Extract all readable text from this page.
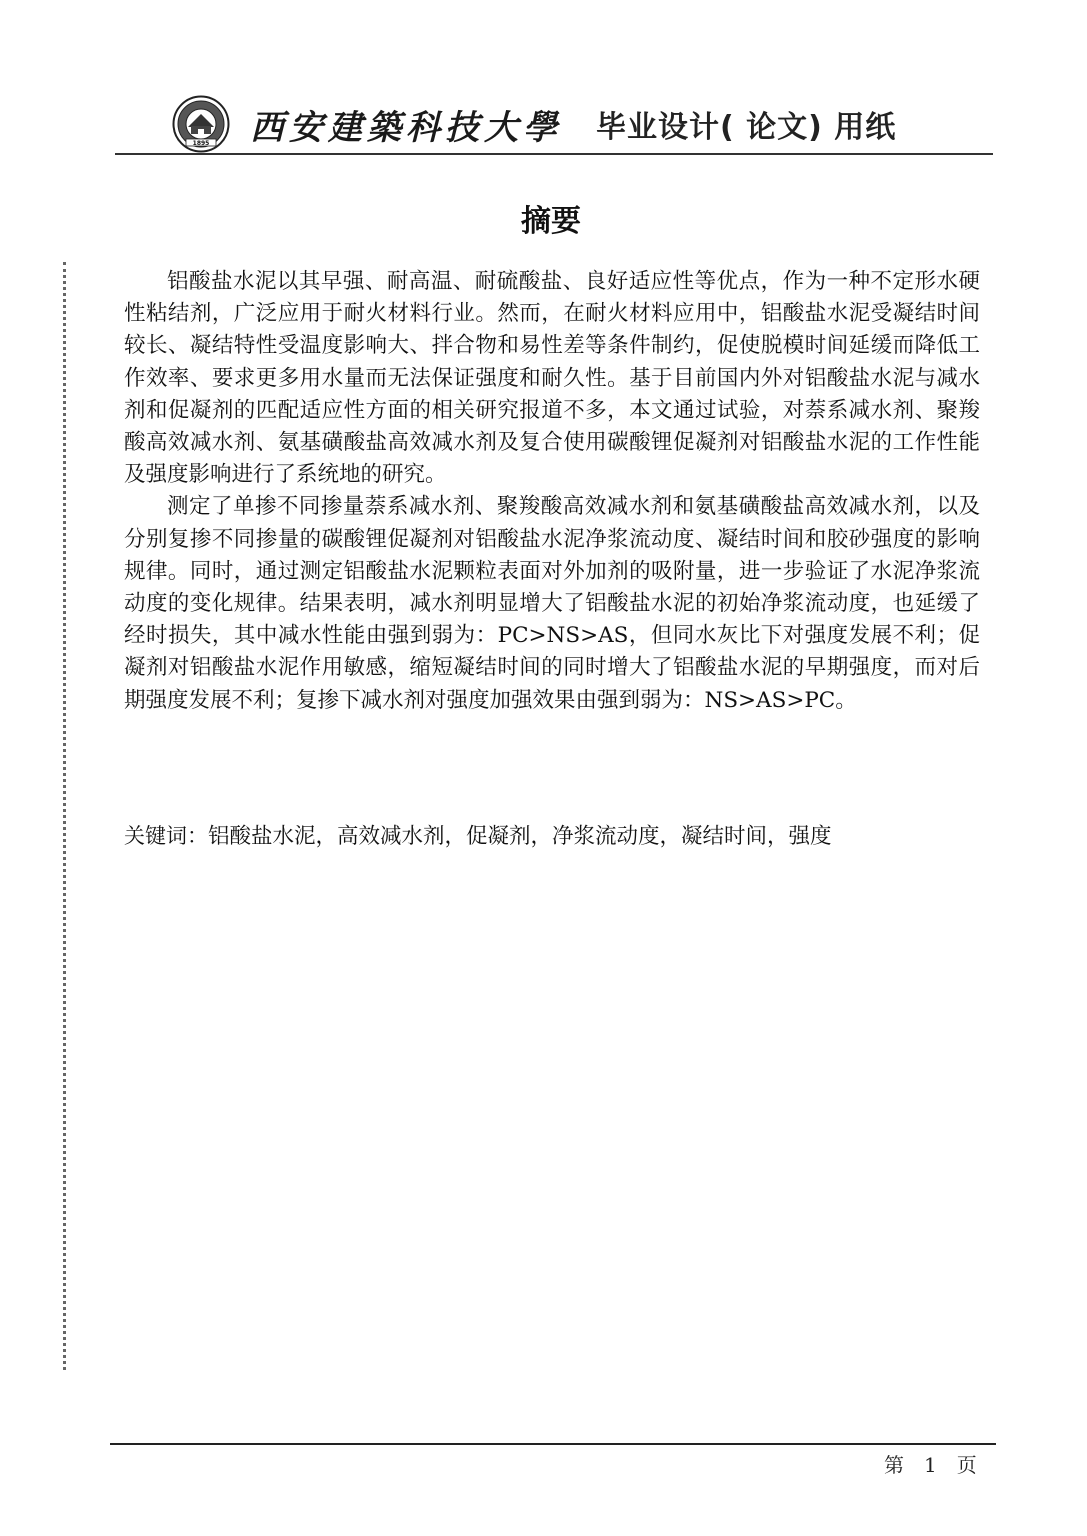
1895 西安建築科技大學 毕业设计( 论文) 用纸
摘要

铝酸盐水泥以其早强、耐高温、耐硫酸盐、良好适应性等优点，作为一种不定形水硬性粘结剂，广泛应用于耐火材料行业。然而，在耐火材料应用中，铝酸盐水泥受凝结时间较长、凝结特性受温度影响大、拌合物和易性差等条件制约，促使脱模时间延缓而降低工作效率、要求更多用水量而无法保证强度和耐久性。基于目前国内外对铝酸盐水泥与减水剂和促凝剂的匹配适应性方面的相关研究报道不多，本文通过试验，对萘系减水剂、聚羧酸高效减水剂、氨基磺酸盐高效减水剂及复合使用碳酸锂促凝剂对铝酸盐水泥的工作性能及强度影响进行了系统地的研究。

测定了单掺不同掺量萘系减水剂、聚羧酸高效减水剂和氨基磺酸盐高效减水剂，以及分别复掺不同掺量的碳酸锂促凝剂对铝酸盐水泥净浆流动度、凝结时间和胶砂强度的影响规律。同时，通过测定铝酸盐水泥颗粒表面对外加剂的吸附量，进一步验证了水泥净浆流动度的变化规律。结果表明，减水剂明显增大了铝酸盐水泥的初始净浆流动度，也延缓了经时损失，其中减水性能由强到弱为：PC>NS>AS，但同水灰比下对强度发展不利；促凝剂对铝酸盐水泥作用敏感，缩短凝结时间的同时增大了铝酸盐水泥的早期强度，而对后期强度发展不利；复掺下减水剂对强度加强效果由强到弱为：NS>AS>PC。

关键词：铝酸盐水泥，高效减水剂，促凝剂，净浆流动度，凝结时间，强度
第 1 页
